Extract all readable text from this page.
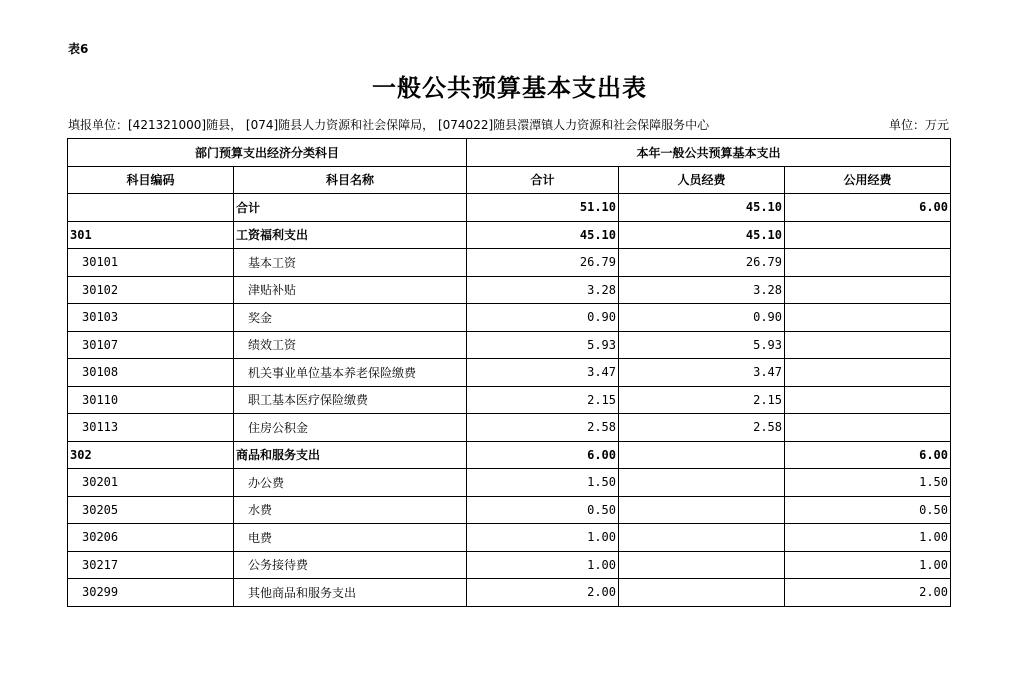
表6
一般公共预算基本支出表
填报单位：[421321000]随县， [074]随县人力资源和社会保障局， [074022]随县澴潭镇人力资源和社会保障服务中心	单位：万元
部门预算支出经济分类科目		本年一般公共预算基本支出		
科目编码	科目名称	合计	人员经费	公用经费
	合计	51.10	45.10	6.00
301	工资福利支出	45.10	45.10	
30101	基本工资	26.79	26.79	
30102	津贴补贴	3.28	3.28	
30103	奖金	0.90	0.90	
30107	绩效工资	5.93	5.93	
30108	机关事业单位基本养老保险缴费	3.47	3.47	
30110	职工基本医疗保险缴费	2.15	2.15	
30113	住房公积金	2.58	2.58	
302	商品和服务支出	6.00		6.00
30201	办公费	1.50		1.50
30205	水费	0.50		0.50
30206	电费	1.00		1.00
30217	公务接待费	1.00		1.00
30299	其他商品和服务支出	2.00		2.00
